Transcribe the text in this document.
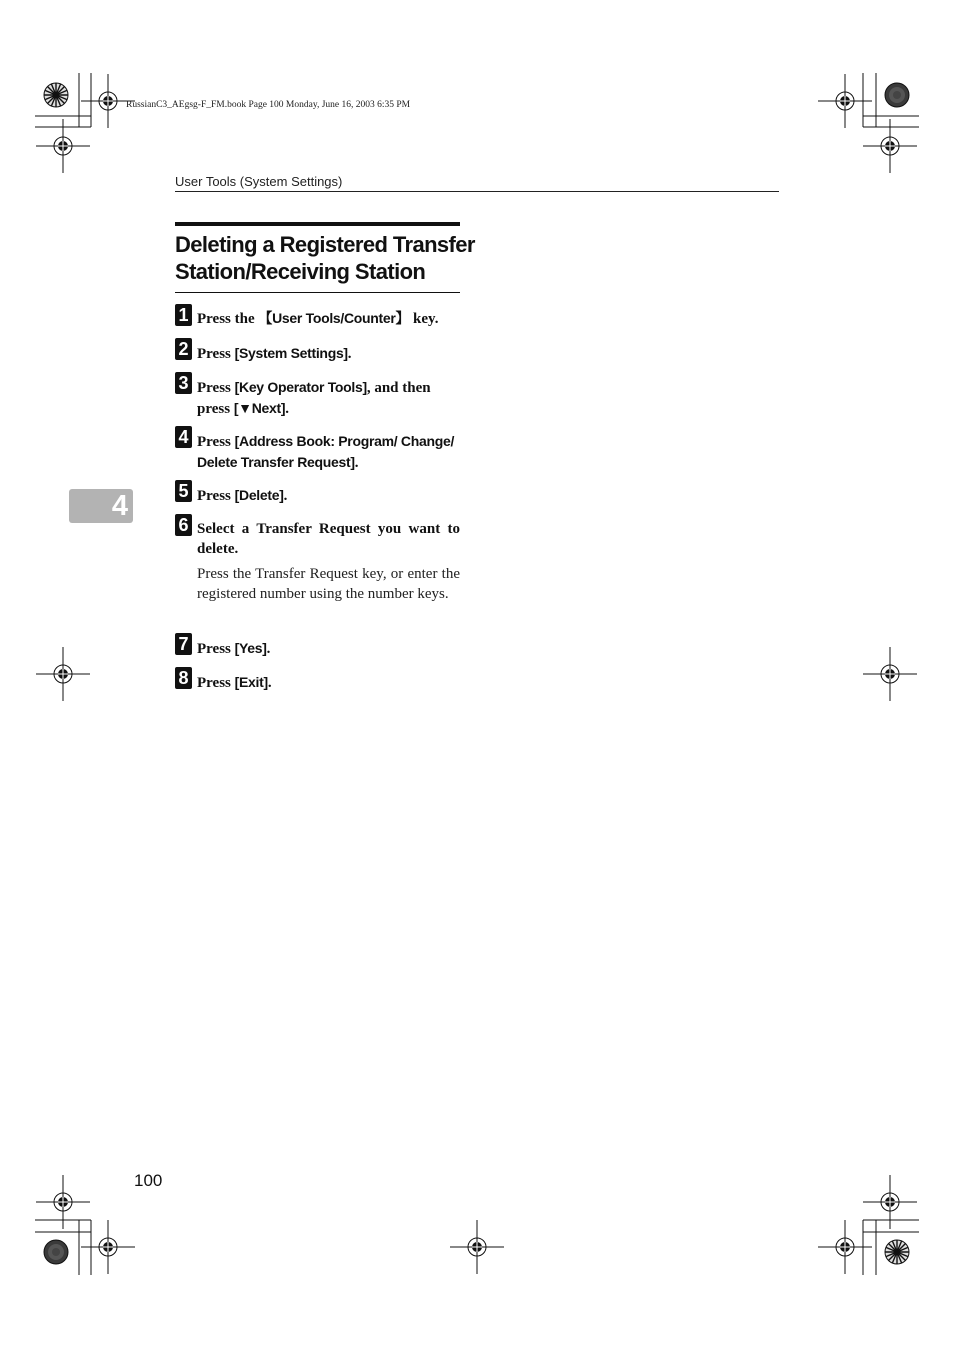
RussianC3_AEgsg-F_FM.book Page 100 Monday, June 16, 2003 6:35 PM
User Tools (System Settings)
Deleting a Registered Transfer Station/Receiving Station
4
1 Press the 【User Tools/Counter】 key.

2 Press [System Settings].

3 Press [Key Operator Tools], and then press [▼Next].

4 Press [Address Book: Program/ Change/ Delete Transfer Request].

5 Press [Delete].

6 Select a Transfer Request you want to delete.

Press the Transfer Request key, or enter the registered number using the number keys.

7 Press [Yes].

8 Press [Exit].

100
